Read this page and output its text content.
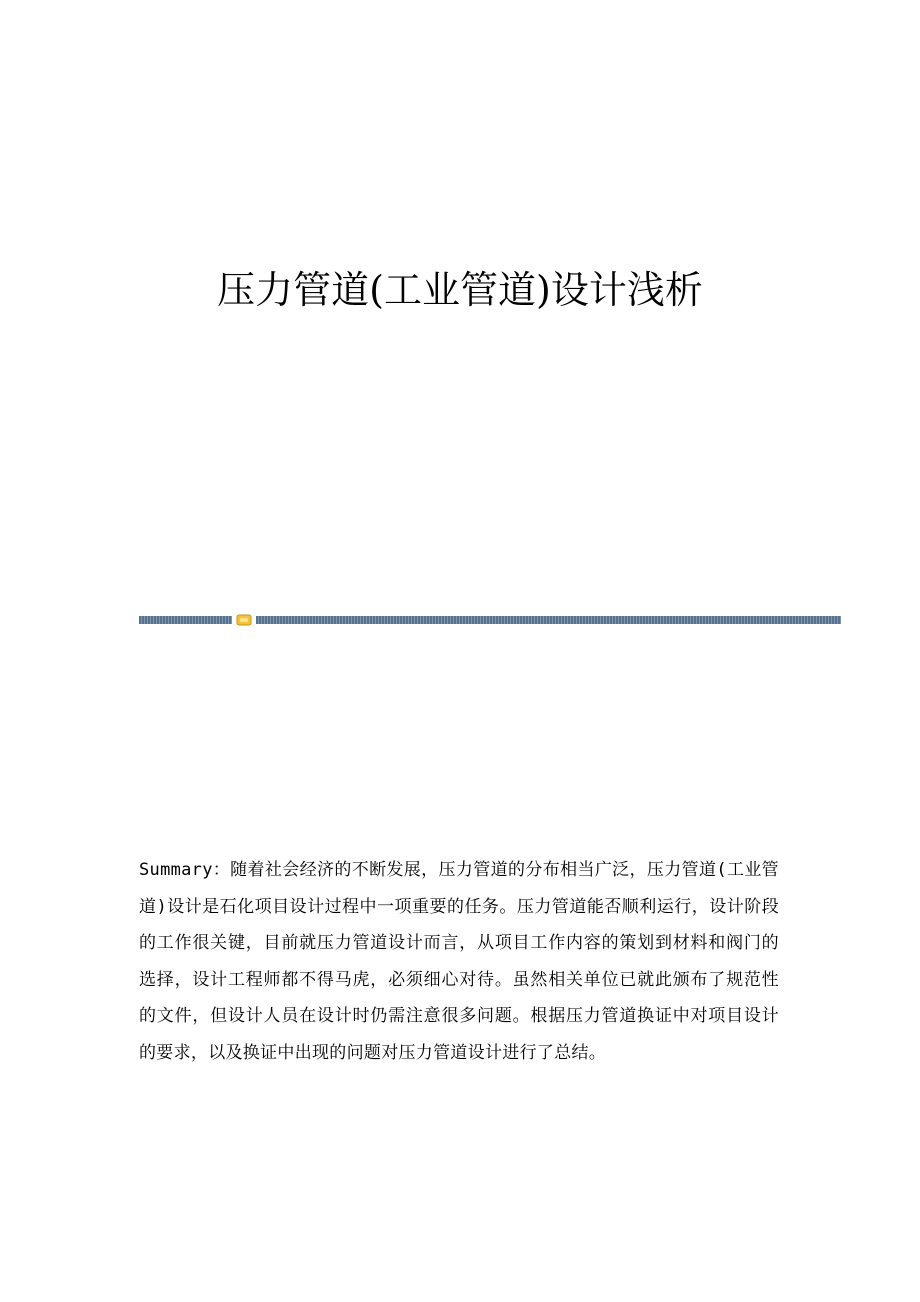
压力管道(工业管道)设计浅析

Summary：随着社会经济的不断发展，压力管道的分布相当广泛，压力管道(工业管道)设计是石化项目设计过程中一项重要的任务。压力管道能否顺利运行，设计阶段的工作很关键，目前就压力管道设计而言，从项目工作内容的策划到材料和阀门的选择，设计工程师都不得马虎，必须细心对待。虽然相关单位已就此颁布了规范性的文件，但设计人员在设计时仍需注意很多问题。根据压力管道换证中对项目设计的要求，以及换证中出现的问题对压力管道设计进行了总结。
